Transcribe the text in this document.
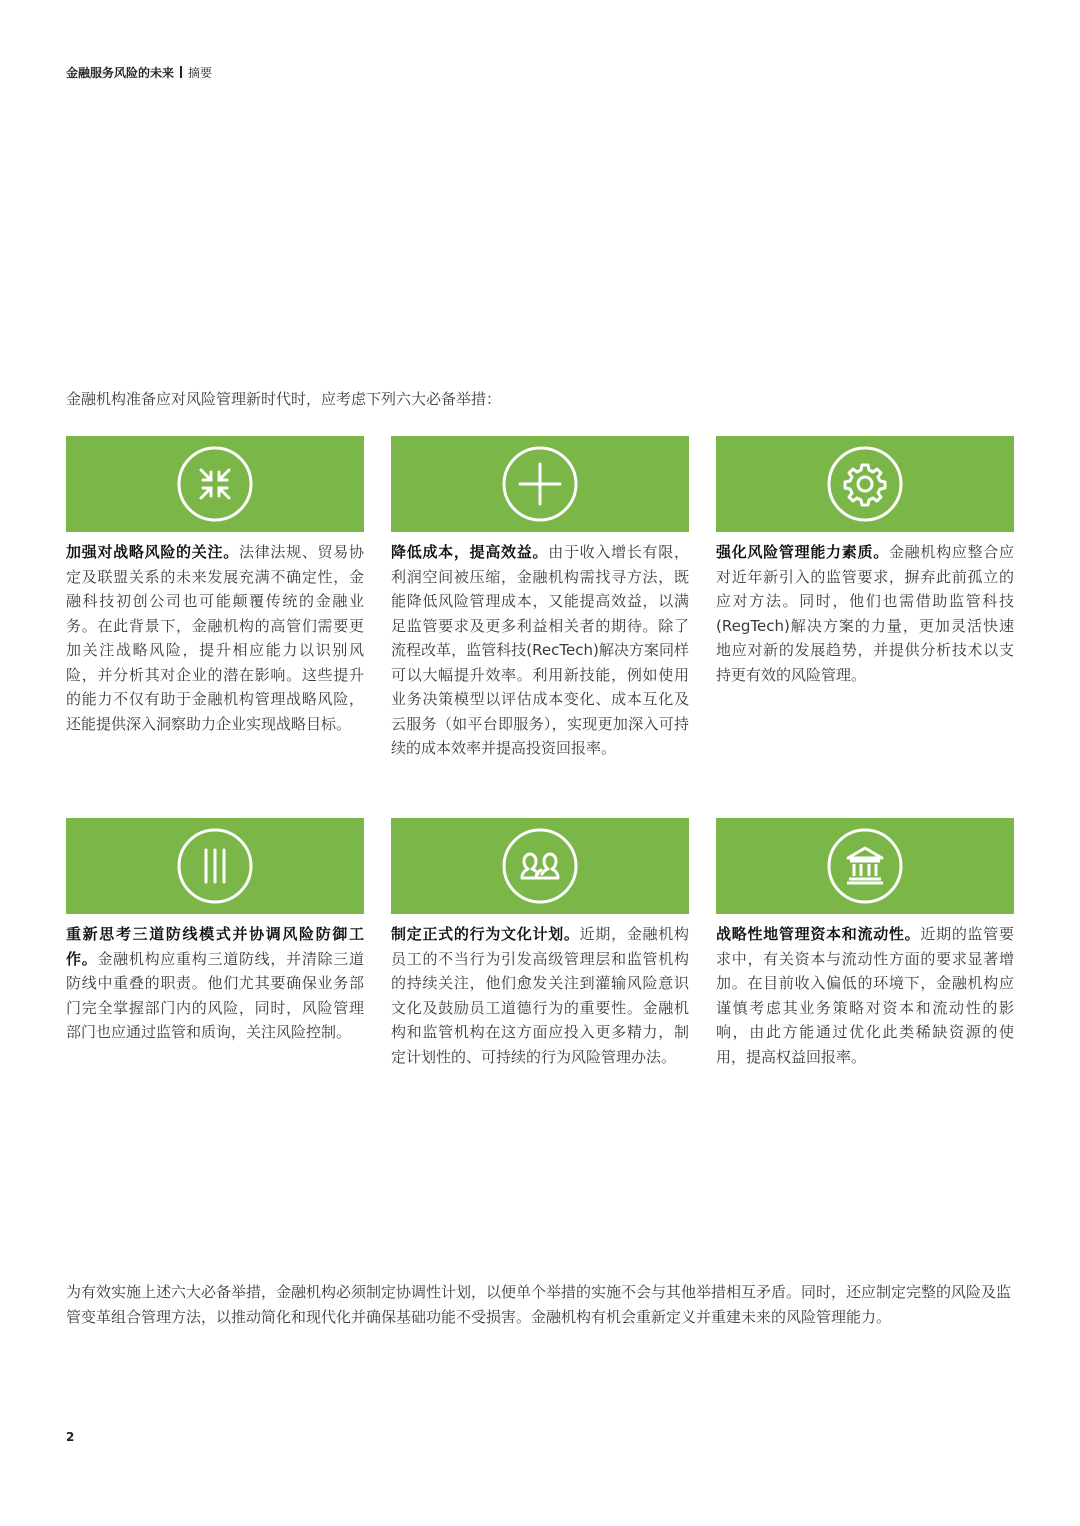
金融服务风险的未来 摘要
金融机构准备应对风险管理新时代时，应考虑下列六大必备举措：
加强对战略风险的关注。法律法规、贸易协定及联盟关系的未来发展充满不确定性，金融科技初创公司也可能颠覆传统的金融业务。在此背景下，金融机构的高管们需要更加关注战略风险，提升相应能力以识别风险，并分析其对企业的潜在影响。这些提升的能力不仅有助于金融机构管理战略风险，还能提供深入洞察助力企业实现战略目标。
降低成本，提高效益。由于收入增长有限，利润空间被压缩，金融机构需找寻方法，既能降低风险管理成本，又能提高效益，以满足监管要求及更多利益相关者的期待。除了流程改革，监管科技(RecTech)解决方案同样可以大幅提升效率。利用新技能，例如使用业务决策模型以评估成本变化、成本互化及云服务（如平台即服务），实现更加深入可持续的成本效率并提高投资回报率。
强化风险管理能力素质。金融机构应整合应对近年新引入的监管要求，摒弃此前孤立的应对方法。同时，他们也需借助监管科技(RegTech)解决方案的力量，更加灵活快速地应对新的发展趋势，并提供分析技术以支持更有效的风险管理。
重新思考三道防线模式并协调风险防御工作。金融机构应重构三道防线，并清除三道防线中重叠的职责。他们尤其要确保业务部门完全掌握部门内的风险，同时，风险管理部门也应通过监管和质询，关注风险控制。
制定正式的行为文化计划。近期，金融机构员工的不当行为引发高级管理层和监管机构的持续关注，他们愈发关注到灌输风险意识文化及鼓励员工道德行为的重要性。金融机构和监管机构在这方面应投入更多精力，制定计划性的、可持续的行为风险管理办法。
战略性地管理资本和流动性。近期的监管要求中，有关资本与流动性方面的要求显著增加。在目前收入偏低的环境下，金融机构应谨慎考虑其业务策略对资本和流动性的影响，由此方能通过优化此类稀缺资源的使用，提高权益回报率。
为有效实施上述六大必备举措，金融机构必须制定协调性计划，以便单个举措的实施不会与其他举措相互矛盾。同时，还应制定完整的风险及监管变革组合管理方法，以推动简化和现代化并确保基础功能不受损害。金融机构有机会重新定义并重建未来的风险管理能力。
2
